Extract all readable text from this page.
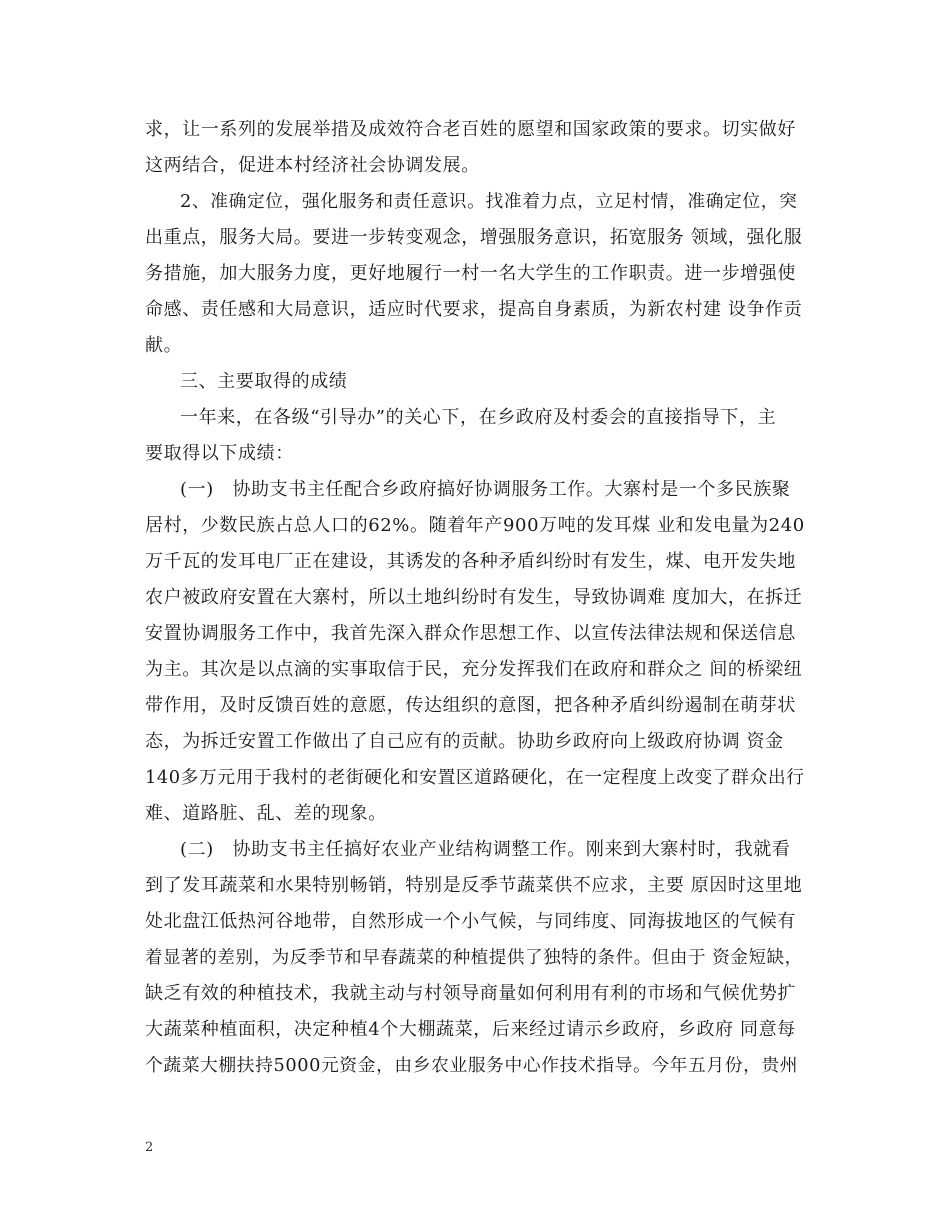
求，让一系列的发展举措及成效符合老百姓的愿望和国家政策的要求。切实做好
这两结合，促进本村经济社会协调发展。
2、准确定位，强化服务和责任意识。找准着力点，立足村情，准确定位，突
出重点，服务大局。要进一步转变观念，增强服务意识，拓宽服务 领域，强化服
务措施，加大服务力度，更好地履行一村一名大学生的工作职责。进一步增强使
命感、责任感和大局意识，适应时代要求，提高自身素质，为新农村建 设争作贡
献。
三、主要取得的成绩
一年来，在各级“引导办”的关心下，在乡政府及村委会的直接指导下，主
要取得以下成绩：
(一)　协助支书主任配合乡政府搞好协调服务工作。大寨村是一个多民族聚
居村，少数民族占总人口的62%。随着年产900万吨的发耳煤 业和发电量为240
万千瓦的发耳电厂正在建设，其诱发的各种矛盾纠纷时有发生，煤、电开发失地
农户被政府安置在大寨村，所以土地纠纷时有发生，导致协调难 度加大，在拆迁
安置协调服务工作中，我首先深入群众作思想工作、以宣传法律法规和保送信息
为主。其次是以点滴的实事取信于民，充分发挥我们在政府和群众之 间的桥梁纽
带作用，及时反馈百姓的意愿，传达组织的意图，把各种矛盾纠纷遏制在萌芽状
态，为拆迁安置工作做出了自己应有的贡献。协助乡政府向上级政府协调 资金
140多万元用于我村的老街硬化和安置区道路硬化，在一定程度上改变了群众出行
难、道路脏、乱、差的现象。
(二)　协助支书主任搞好农业产业结构调整工作。刚来到大寨村时，我就看
到了发耳蔬菜和水果特别畅销，特别是反季节蔬菜供不应求，主要 原因时这里地
处北盘江低热河谷地带，自然形成一个小气候，与同纬度、同海拔地区的气候有
着显著的差别，为反季节和早春蔬菜的种植提供了独特的条件。但由于 资金短缺，
缺乏有效的种植技术，我就主动与村领导商量如何利用有利的市场和气候优势扩
大蔬菜种植面积，决定种植4个大棚蔬菜，后来经过请示乡政府，乡政府 同意每
个蔬菜大棚扶持5000元资金，由乡农业服务中心作技术指导。今年五月份，贵州
2
